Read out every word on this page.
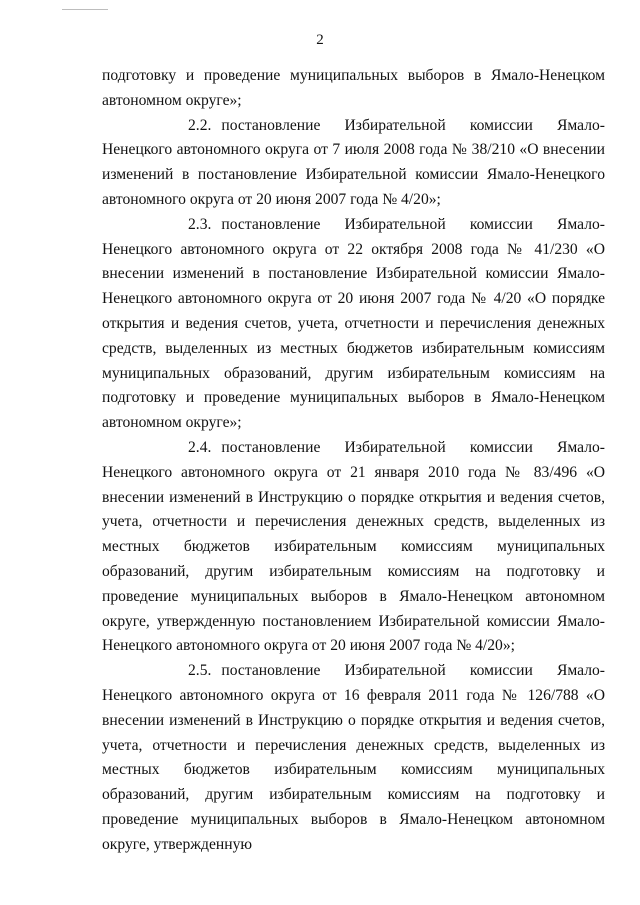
2

подготовку и проведение муниципальных выборов в Ямало-Ненецком автономном округе»;

2.2. постановление Избирательной комиссии Ямало-Ненецкого автономного округа от 7 июля 2008 года № 38/210 «О внесении изменений в постановление Избирательной комиссии Ямало-Ненецкого автономного округа от 20 июня 2007 года № 4/20»;

2.3. постановление Избирательной комиссии Ямало-Ненецкого автономного округа от 22 октября 2008 года № 41/230 «О внесении изменений в постановление Избирательной комиссии Ямало-Ненецкого автономного округа от 20 июня 2007 года № 4/20 «О порядке открытия и ведения счетов, учета, отчетности и перечисления денежных средств, выделенных из местных бюджетов избирательным комиссиям муниципальных образований, другим избирательным комиссиям на подготовку и проведение муниципальных выборов в Ямало-Ненецком автономном округе»;

2.4. постановление Избирательной комиссии Ямало-Ненецкого автономного округа от 21 января 2010 года № 83/496 «О внесении изменений в Инструкцию о порядке открытия и ведения счетов, учета, отчетности и перечисления денежных средств, выделенных из местных бюджетов избирательным комиссиям муниципальных образований, другим избирательным комиссиям на подготовку и проведение муниципальных выборов в Ямало-Ненецком автономном округе, утвержденную постановлением Избирательной комиссии Ямало-Ненецкого автономного округа от 20 июня 2007 года № 4/20»;

2.5. постановление Избирательной комиссии Ямало-Ненецкого автономного округа от 16 февраля 2011 года № 126/788 «О внесении изменений в Инструкцию о порядке открытия и ведения счетов, учета, отчетности и перечисления денежных средств, выделенных из местных бюджетов избирательным комиссиям муниципальных образований, другим избирательным комиссиям на подготовку и проведение муниципальных выборов в Ямало-Ненецком автономном округе, утвержденную
